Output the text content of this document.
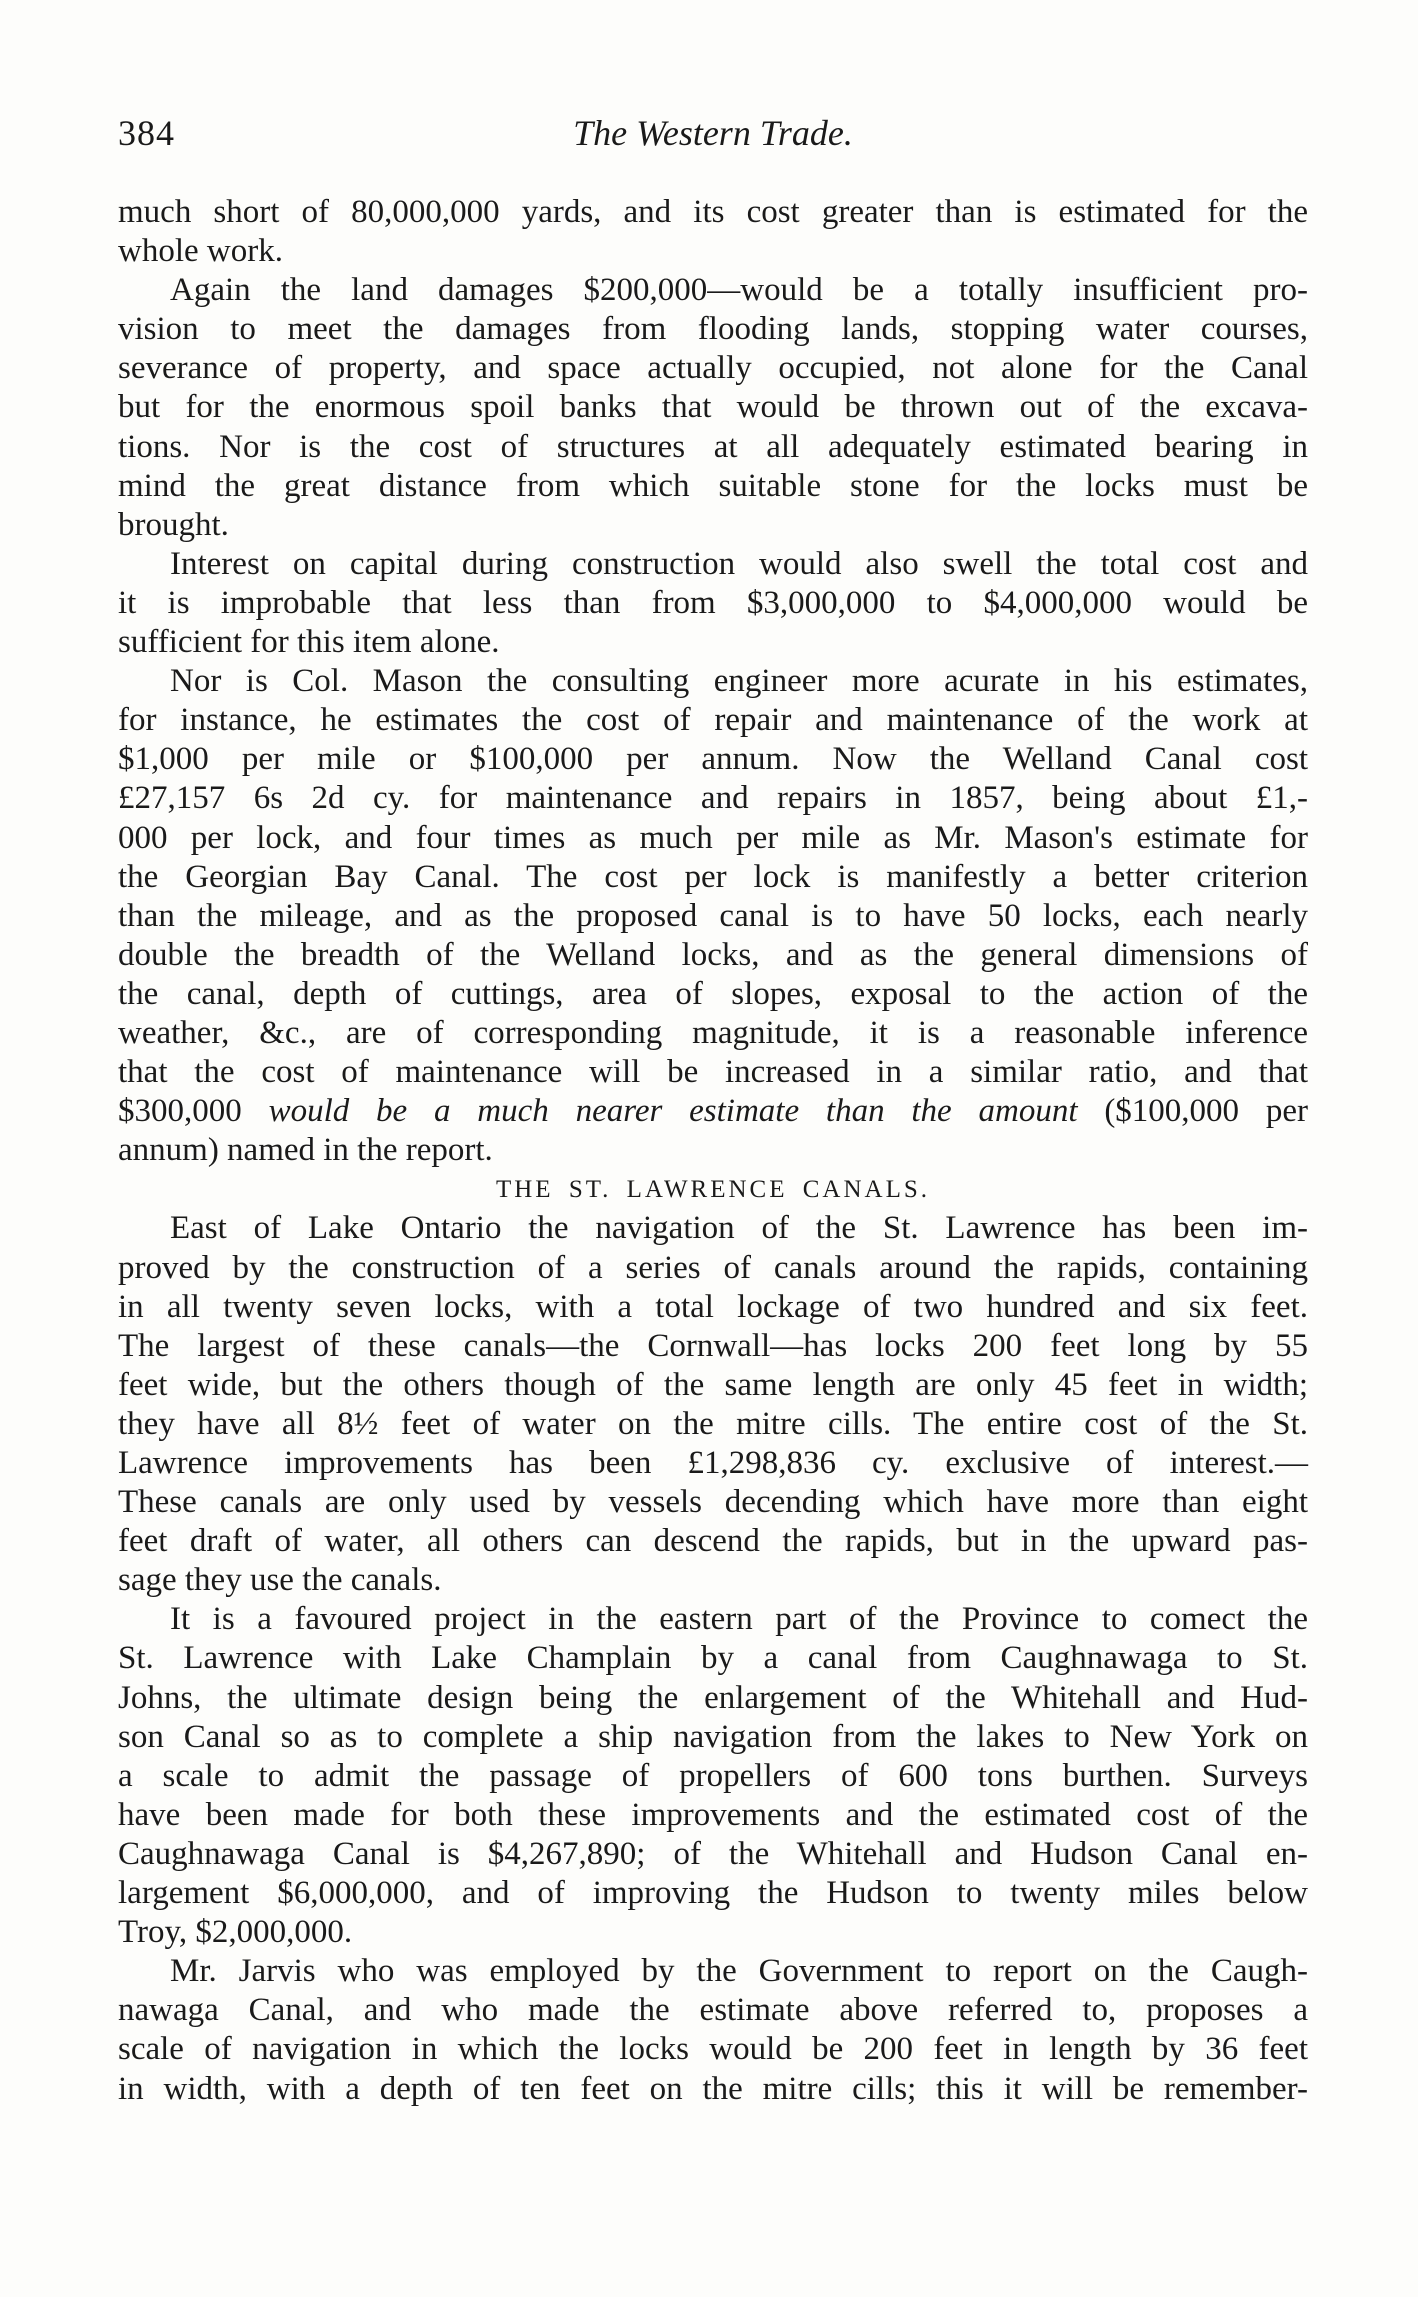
384	The Western Trade.
much short of 80,000,000 yards, and its cost greater than is estimated for the
whole work.
Again the land damages $200,000—would be a totally insufficient pro-
vision to meet the damages from flooding lands, stopping water courses,
severance of property, and space actually occupied, not alone for the Canal
but for the enormous spoil banks that would be thrown out of the excava-
tions. Nor is the cost of structures at all adequately estimated bearing in
mind the great distance from which suitable stone for the locks must be
brought.
Interest on capital during construction would also swell the total cost and
it is improbable that less than from $3,000,000 to $4,000,000 would be
sufficient for this item alone.
Nor is Col. Mason the consulting engineer more acurate in his estimates,
for instance, he estimates the cost of repair and maintenance of the work at
$1,000 per mile or $100,000 per annum. Now the Welland Canal cost
£27,157 6s 2d cy. for maintenance and repairs in 1857, being about £1,-
000 per lock, and four times as much per mile as Mr. Mason's estimate for
the Georgian Bay Canal. The cost per lock is manifestly a better criterion
than the mileage, and as the proposed canal is to have 50 locks, each nearly
double the breadth of the Welland locks, and as the general dimensions of
the canal, depth of cuttings, area of slopes, exposal to the action of the
weather, &c., are of corresponding magnitude, it is a reasonable inference
that the cost of maintenance will be increased in a similar ratio, and that
$300,000 would be a much nearer estimate than the amount ($100,000 per
annum) named in the report.
THE ST. LAWRENCE CANALS.
East of Lake Ontario the navigation of the St. Lawrence has been im-
proved by the construction of a series of canals around the rapids, containing
in all twenty seven locks, with a total lockage of two hundred and six feet.
The largest of these canals—the Cornwall—has locks 200 feet long by 55
feet wide, but the others though of the same length are only 45 feet in width;
they have all 8½ feet of water on the mitre cills. The entire cost of the St.
Lawrence improvements has been £1,298,836 cy. exclusive of interest.—
These canals are only used by vessels decending which have more than eight
feet draft of water, all others can descend the rapids, but in the upward pas-
sage they use the canals.
It is a favoured project in the eastern part of the Province to comect the
St. Lawrence with Lake Champlain by a canal from Caughnawaga to St.
Johns, the ultimate design being the enlargement of the Whitehall and Hud-
son Canal so as to complete a ship navigation from the lakes to New York on
a scale to admit the passage of propellers of 600 tons burthen. Surveys
have been made for both these improvements and the estimated cost of the
Caughnawaga Canal is $4,267,890; of the Whitehall and Hudson Canal en-
largement $6,000,000, and of improving the Hudson to twenty miles below
Troy, $2,000,000.
Mr. Jarvis who was employed by the Government to report on the Caugh-
nawaga Canal, and who made the estimate above referred to, proposes a
scale of navigation in which the locks would be 200 feet in length by 36 feet
in width, with a depth of ten feet on the mitre cills; this it will be remember-
